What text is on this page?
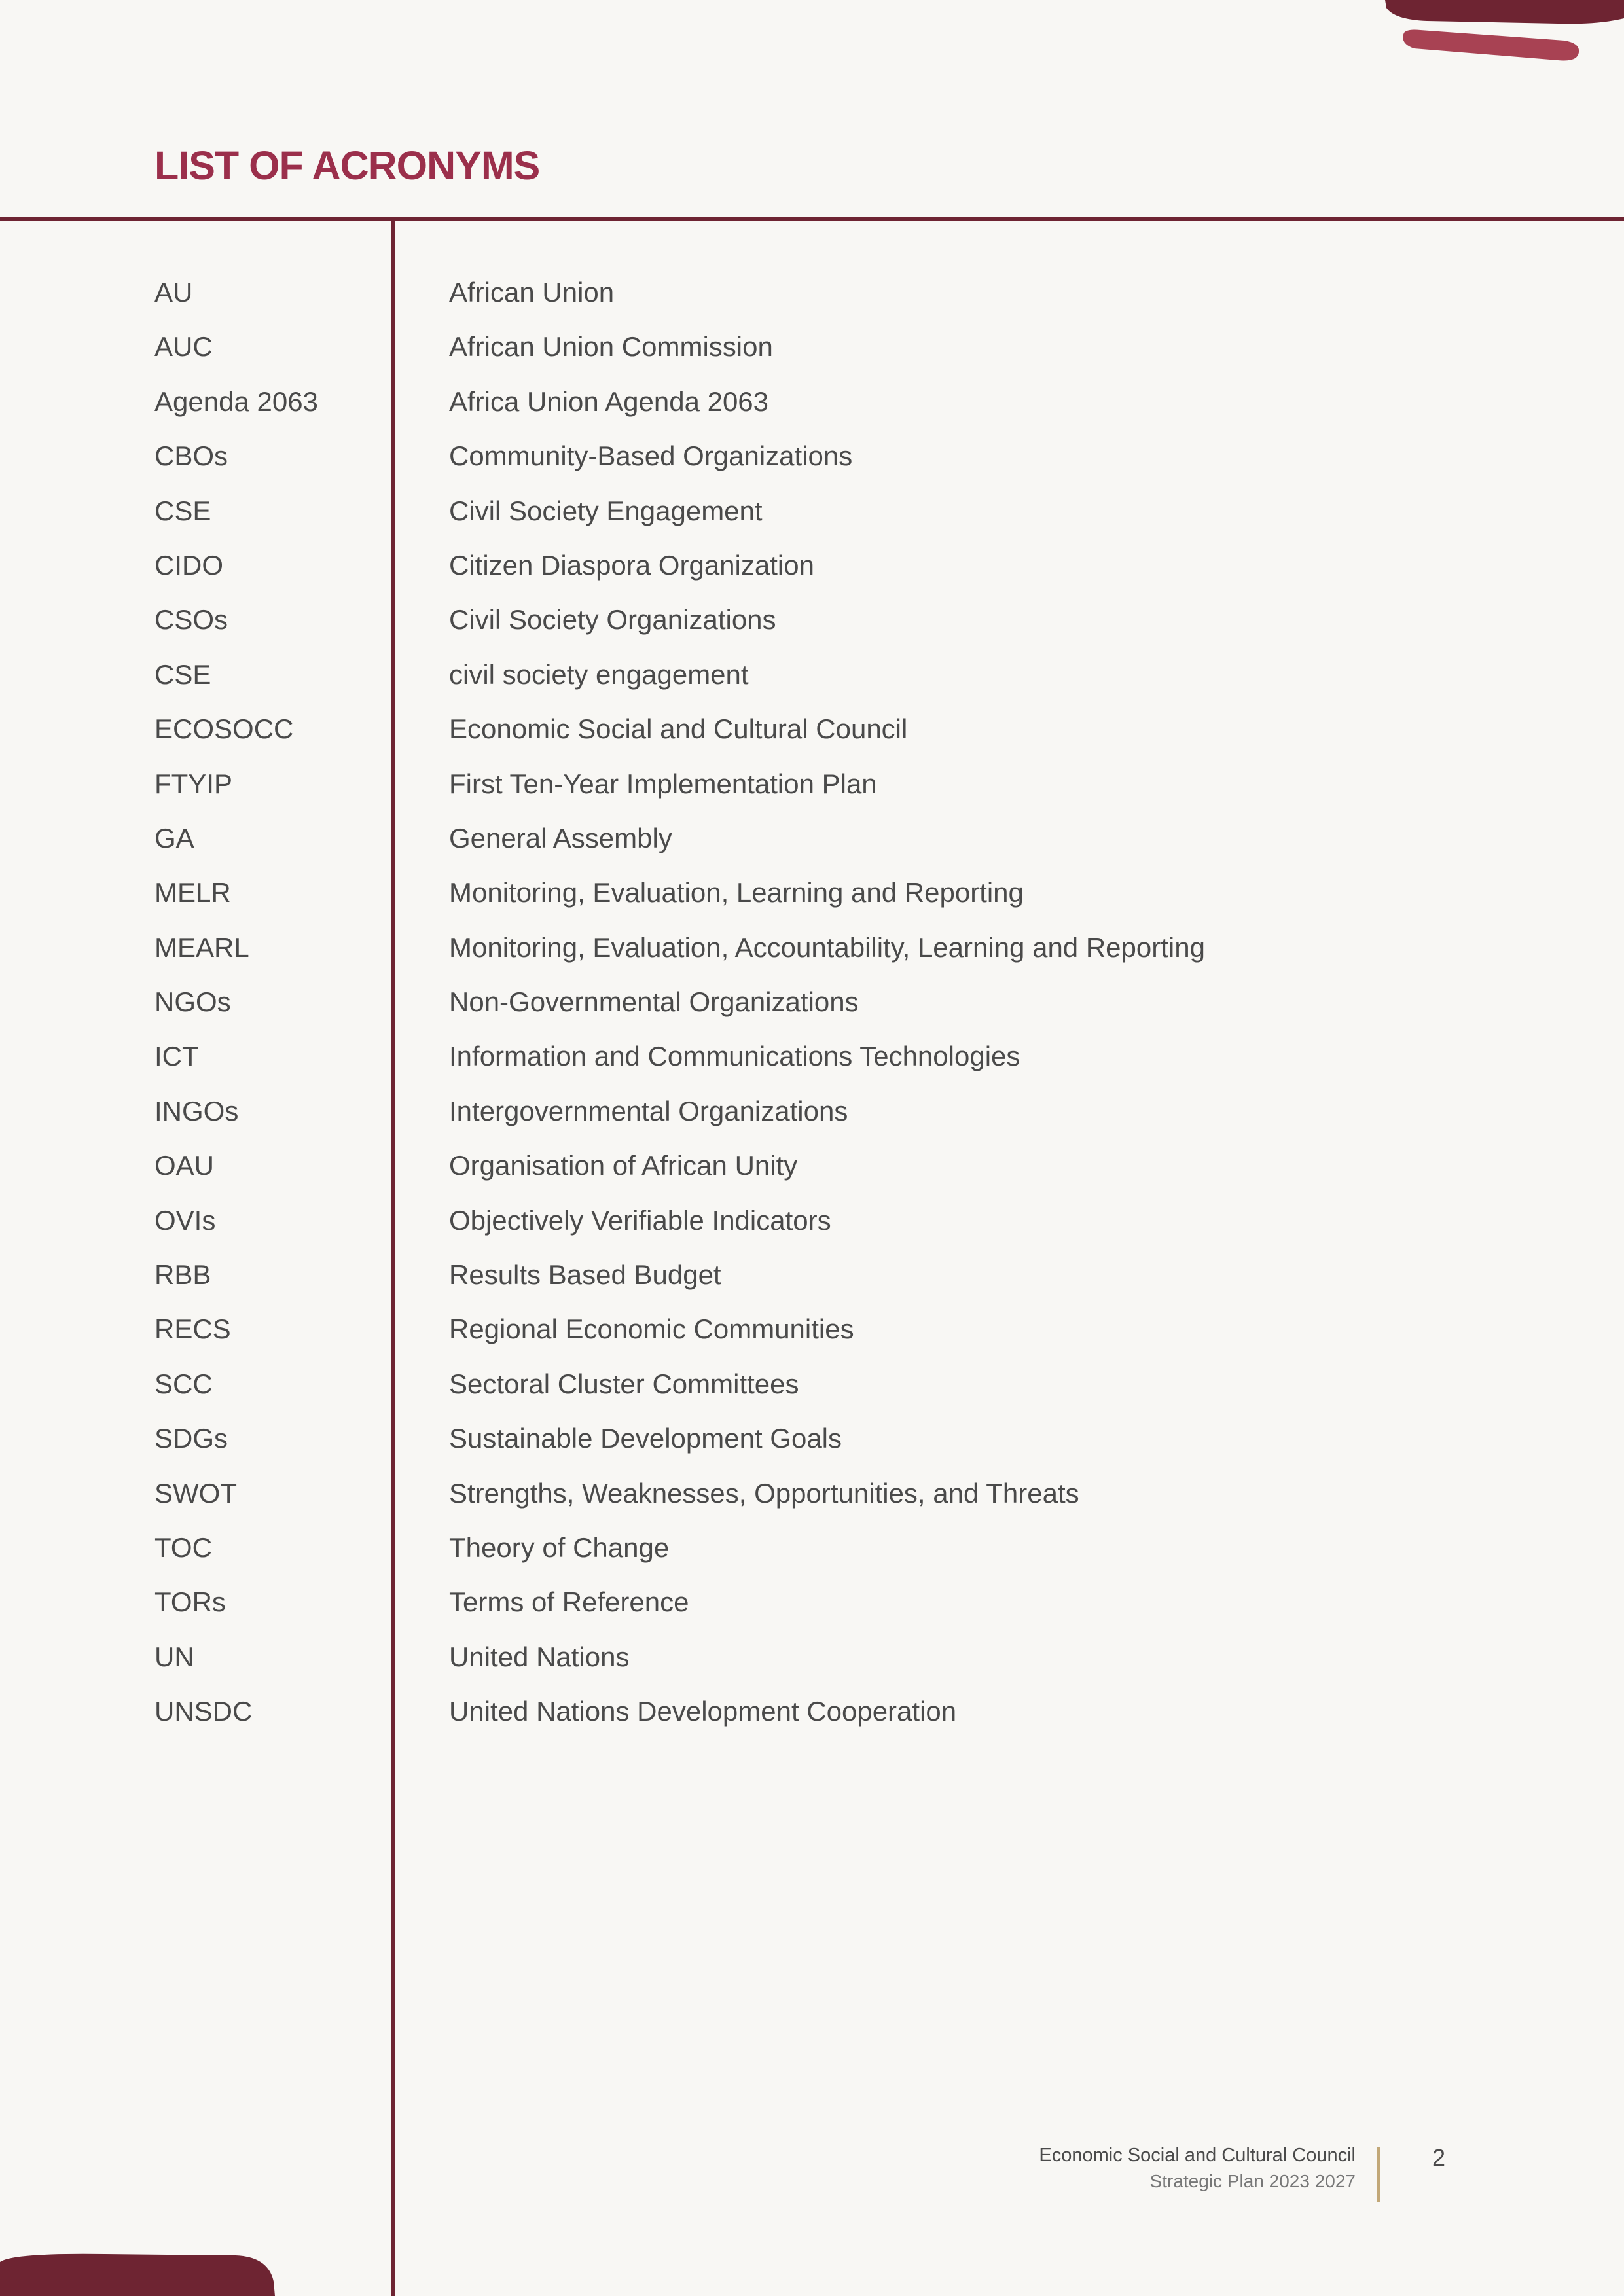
LIST OF ACRONYMS
AU	African Union
AUC	African Union Commission
Agenda 2063	Africa Union Agenda 2063
CBOs	Community-Based Organizations
CSE	Civil Society Engagement
CIDO	Citizen Diaspora Organization
CSOs	Civil Society Organizations
CSE	civil society engagement
ECOSOCC	Economic Social and Cultural Council
FTYIP	First Ten-Year Implementation Plan
GA	General Assembly
MELR	Monitoring, Evaluation, Learning and Reporting
MEARL	Monitoring, Evaluation, Accountability, Learning and Reporting
NGOs	Non-Governmental Organizations
ICT	Information and Communications Technologies
INGOs	Intergovernmental Organizations
OAU	Organisation of African Unity
OVIs	Objectively Verifiable Indicators
RBB	Results Based Budget
RECS	Regional Economic Communities
SCC	Sectoral Cluster Committees
SDGs	Sustainable Development Goals
SWOT	Strengths, Weaknesses, Opportunities, and Threats
TOC	Theory of Change
TORs	Terms of Reference
UN	United Nations
UNSDC	United Nations Development Cooperation
Economic Social and Cultural Council
Strategic Plan 2023 2027
2
